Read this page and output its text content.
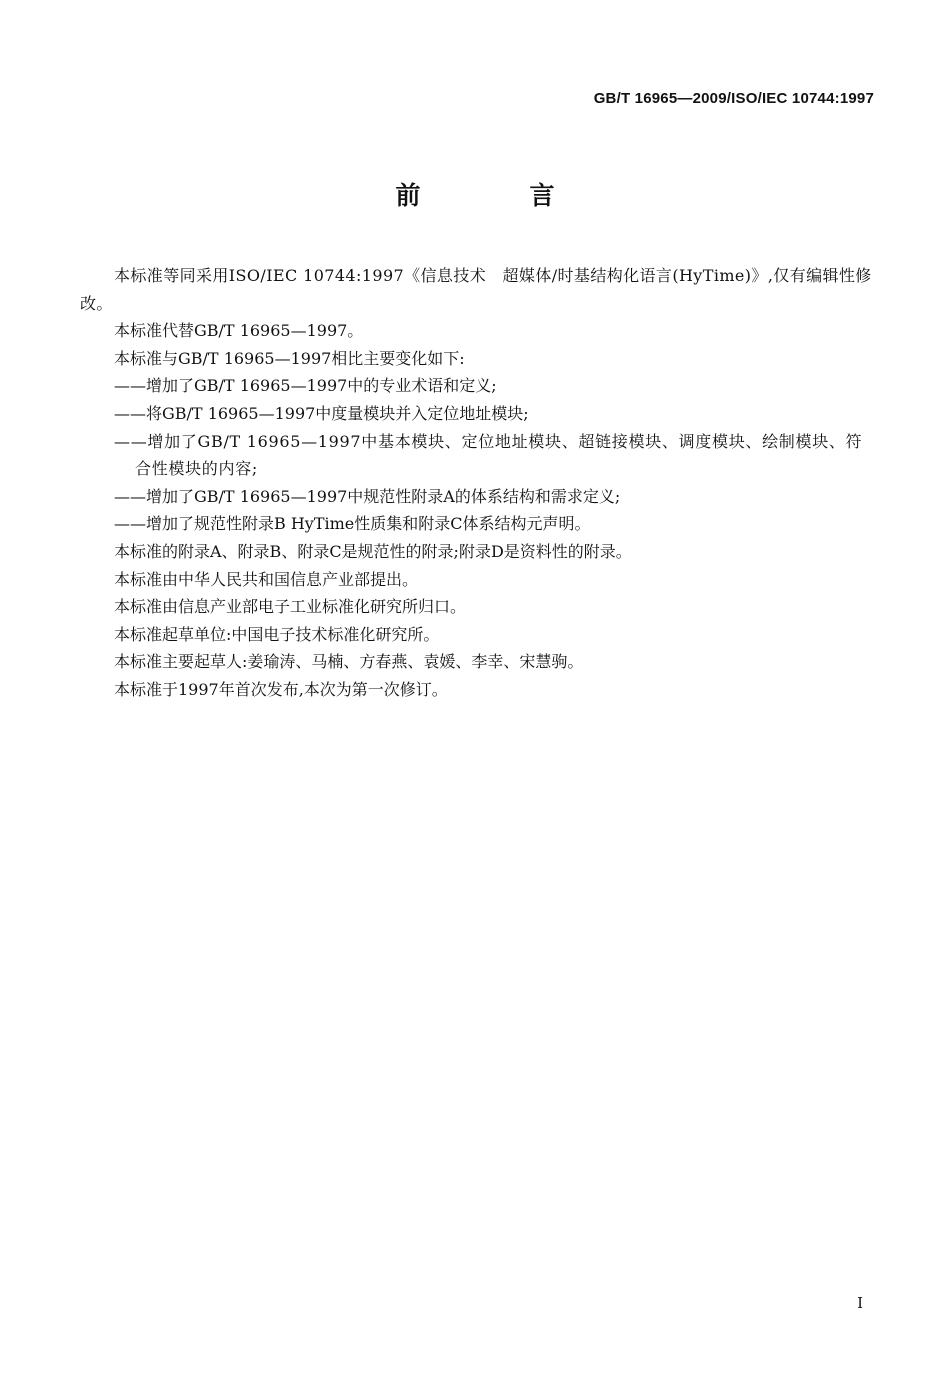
GB/T 16965—2009/ISO/IEC 10744:1997
前　言

本标准等同采用ISO/IEC 10744:1997《信息技术　超媒体/时基结构化语言(HyTime)》,仅有编辑性修改。

本标准代替GB/T 16965—1997。

本标准与GB/T 16965—1997相比主要变化如下:

——增加了GB/T 16965—1997中的专业术语和定义;

——将GB/T 16965—1997中度量模块并入定位地址模块;

——增加了GB/T 16965—1997中基本模块、定位地址模块、超链接模块、调度模块、绘制模块、符合性模块的内容;

——增加了GB/T 16965—1997中规范性附录A的体系结构和需求定义;

——增加了规范性附录B HyTime性质集和附录C体系结构元声明。

本标准的附录A、附录B、附录C是规范性的附录;附录D是资料性的附录。

本标准由中华人民共和国信息产业部提出。

本标准由信息产业部电子工业标准化研究所归口。

本标准起草单位:中国电子技术标准化研究所。

本标准主要起草人:姜瑜涛、马楠、方春燕、袁媛、李幸、宋慧驹。

本标准于1997年首次发布,本次为第一次修订。

I
